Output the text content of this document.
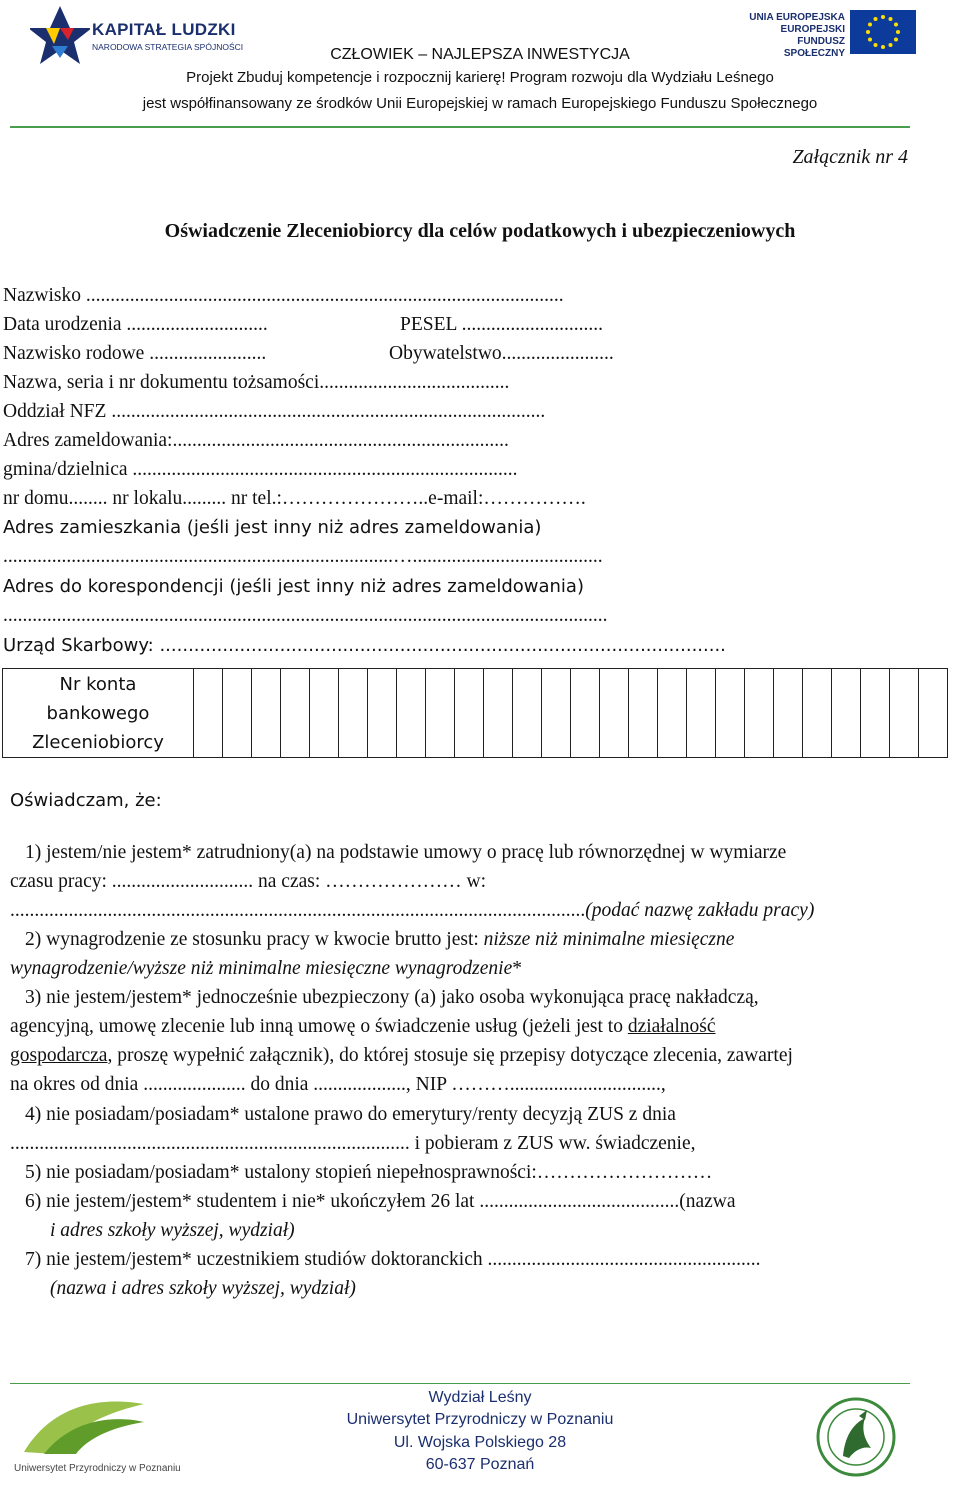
KAPITAŁ LUDZKI
NARODOWA STRATEGIA SPÓJNOŚCI
UNIA EUROPEJSKA
EUROPEJSKI
FUNDUSZ SPOŁECZNY
CZŁOWIEK – NAJLEPSZA INWESTYCJA
Projekt Zbuduj kompetencje i rozpocznij karierę! Program rozwoju dla Wydziału Leśnego
jest współfinansowany ze środków Unii Europejskiej w ramach Europejskiego Funduszu Społecznego
Załącznik nr 4
Oświadczenie Zleceniobiorcy dla celów podatkowych i ubezpieczeniowych
Nazwisko ..................................................................................................
Data urodzenia .............................	PESEL .............................
Nazwisko rodowe ........................	Obywatelstwo.......................
Nazwa, seria i nr dokumentu tożsamości.......................................
Oddział NFZ .........................................................................................
Adres zameldowania:.....................................................................
gmina/dzielnica ...............................................................................
nr domu........ nr lokalu......... nr tel.:…………………..e-mail:…………….
Adres zamieszkania (jeśli jest inny niż adres zameldowania)
................................................................................….......................................
Adres do korespondencji (jeśli jest inny niż adres zameldowania)
............................................................................................................................
Urząd Skarbowy: ...................................................................................................
Nr konta
bankowego
Zleceniobiorcy

Oświadczam, że:
1) jestem/nie jestem* zatrudniony(a) na podstawie umowy o pracę lub równorzędnej w wymiarze
czasu pracy: ............................. na czas: ………………… w:
......................................................................................................................(podać nazwę zakładu pracy)
2) wynagrodzenie ze stosunku pracy w kwocie brutto jest: niższe niż minimalne miesięczne
wynagrodzenie/wyższe niż minimalne miesięczne wynagrodzenie*
3) nie jestem/jestem* jednocześnie ubezpieczony (a) jako osoba wykonująca pracę nakładczą,
agencyjną, umowę zlecenie lub inną umowę o świadczenie usług (jeżeli jest to działalność
gospodarcza, proszę wypełnić załącznik), do której stosuje się przepisy dotyczące zlecenia, zawartej
na okres od dnia ..................... do dnia ..................., NIP ………...............................,
4) nie posiadam/posiadam* ustalone prawo do emerytury/renty decyzją ZUS z dnia
.................................................................................. i pobieram z ZUS ww. świadczenie,
5) nie posiadam/posiadam* ustalony stopień niepełnosprawności:………………………
6) nie jestem/jestem* studentem i nie* ukończyłem 26 lat .........................................(nazwa
i adres szkoły wyższej, wydział)
7) nie jestem/jestem* uczestnikiem studiów doktoranckich ........................................................
(nazwa i adres szkoły wyższej, wydział)
Uniwersytet Przyrodniczy w Poznaniu
Wydział Leśny
Uniwersytet Przyrodniczy w Poznaniu
Ul. Wojska Polskiego 28
60-637 Poznań
